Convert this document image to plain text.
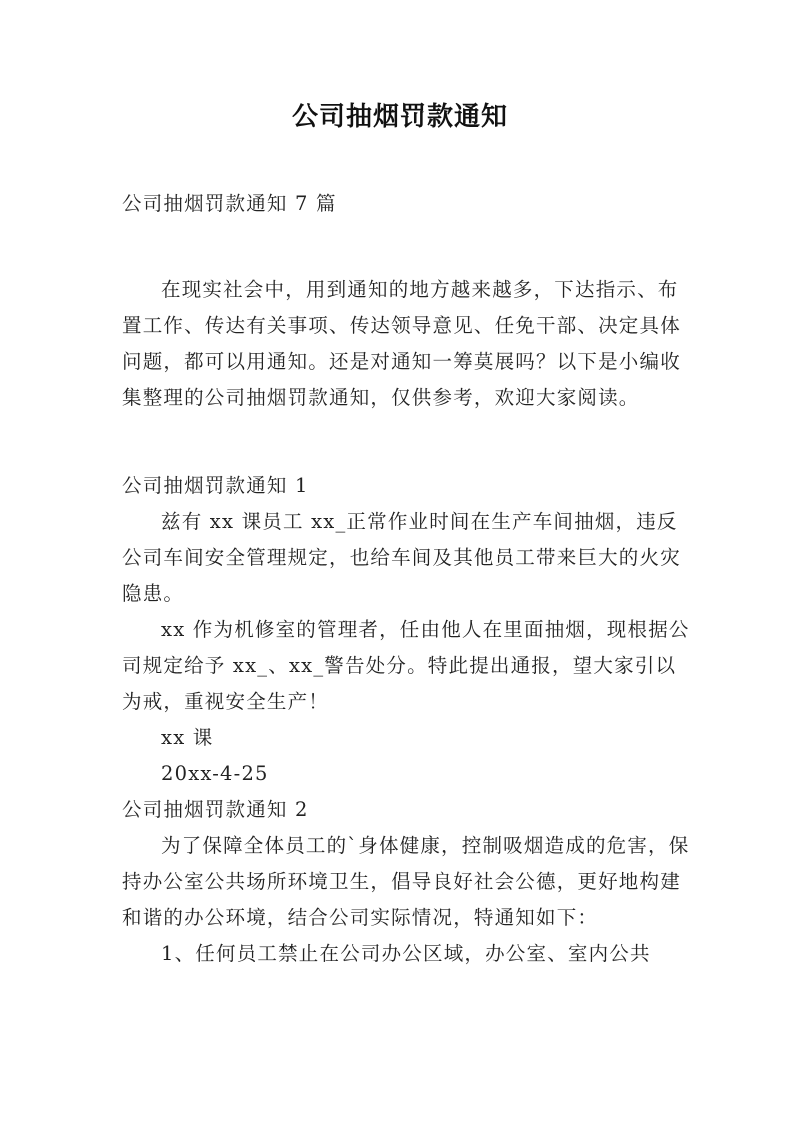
公司抽烟罚款通知

公司抽烟罚款通知 7 篇

在现实社会中，用到通知的地方越来越多，下达指示、布置工作、传达有关事项、传达领导意见、任免干部、决定具体问题，都可以用通知。还是对通知一筹莫展吗？以下是小编收集整理的公司抽烟罚款通知，仅供参考，欢迎大家阅读。

公司抽烟罚款通知 1

兹有 xx 课员工 xx_正常作业时间在生产车间抽烟，违反公司车间安全管理规定，也给车间及其他员工带来巨大的火灾隐患。

xx 作为机修室的管理者，任由他人在里面抽烟，现根据公司规定给予 xx_、xx_警告处分。特此提出通报，望大家引以为戒，重视安全生产！

xx 课

20xx-4-25

公司抽烟罚款通知 2

为了保障全体员工的`身体健康，控制吸烟造成的危害，保持办公室公共场所环境卫生，倡导良好社会公德，更好地构建和谐的办公环境，结合公司实际情况，特通知如下：

1、任何员工禁止在公司办公区域，办公室、室内公共
